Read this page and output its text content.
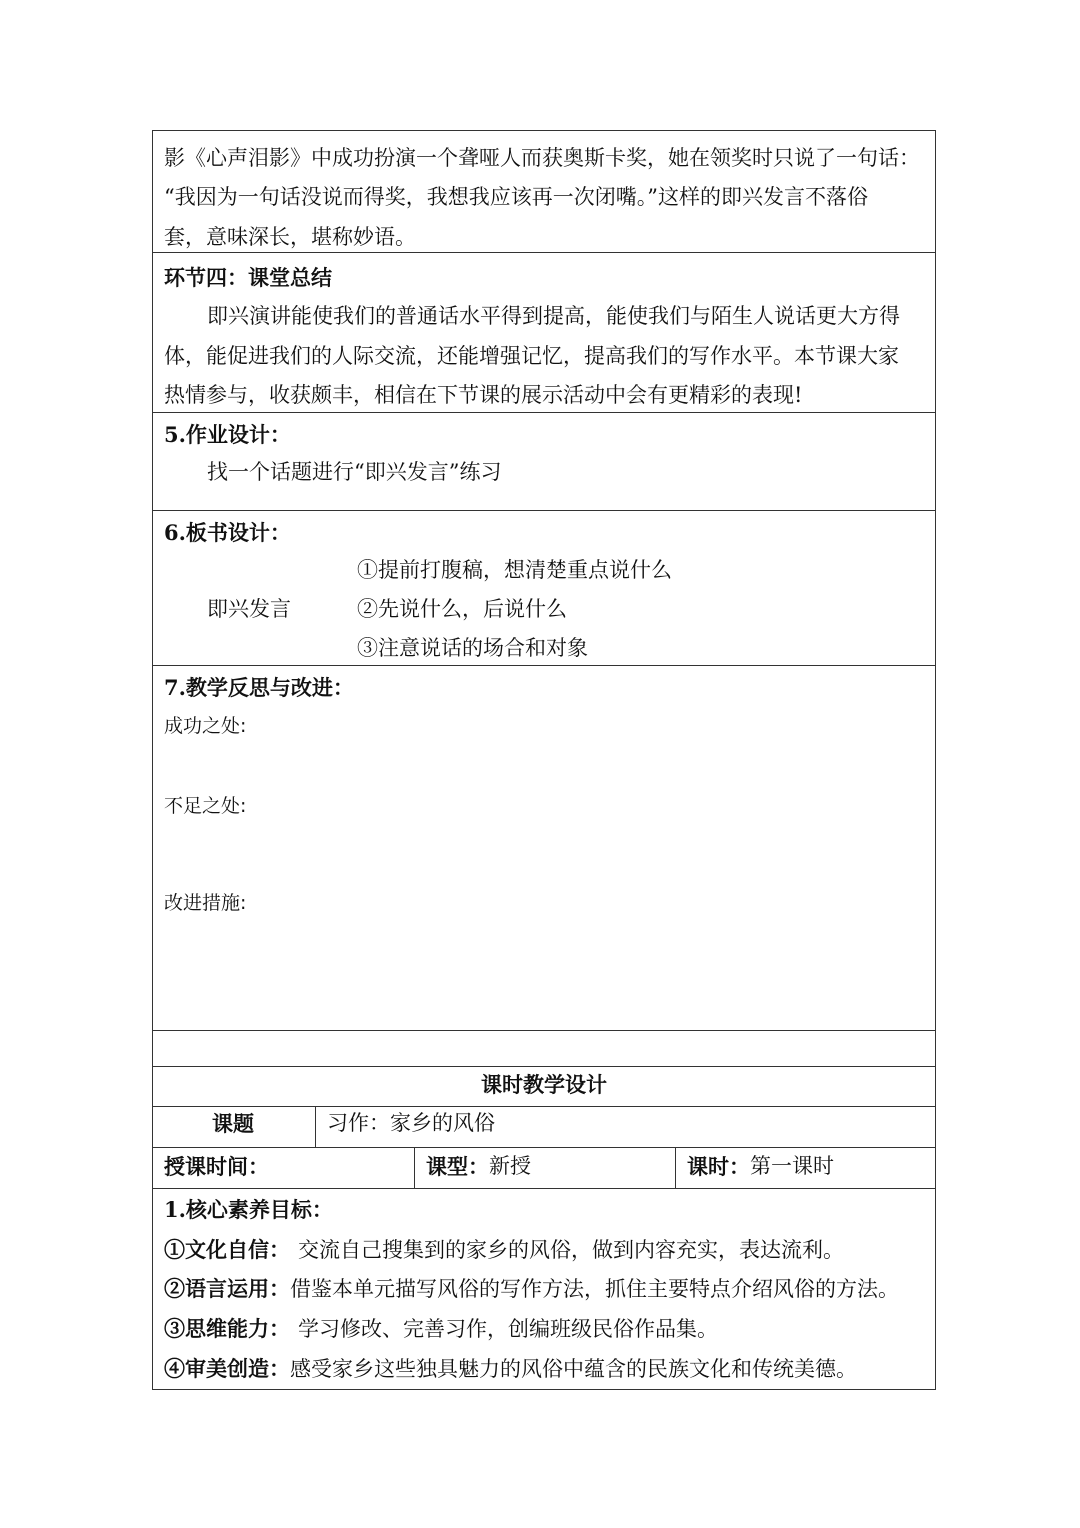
影《心声泪影》中成功扮演一个聋哑人而获奥斯卡奖，她在领奖时只说了一句话：
“我因为一句话没说而得奖，我想我应该再一次闭嘴。”这样的即兴发言不落俗
套，意味深长，堪称妙语。
环节四：课堂总结
即兴演讲能使我们的普通话水平得到提高，能使我们与陌生人说话更大方得
体，能促进我们的人际交流，还能增强记忆，提高我们的写作水平。本节课大家
热情参与，收获颇丰，相信在下节课的展示活动中会有更精彩的表现!
5.作业设计：
找一个话题进行“即兴发言”练习
6.板书设计：
即兴发言
①提前打腹稿，想清楚重点说什么
②先说什么，后说什么
③注意说话的场合和对象
7.教学反思与改进：
成功之处:
不足之处:
改进措施:
课时教学设计
课题	习作：家乡的风俗
授课时间：	课型： 新授	课时： 第一课时
1.核心素养目标：
①文化自信： 交流自己搜集到的家乡的风俗，做到内容充实，表达流利。
②语言运用：借鉴本单元描写风俗的写作方法，抓住主要特点介绍风俗的方法。
③思维能力： 学习修改、完善习作，创编班级民俗作品集。
④审美创造：感受家乡这些独具魅力的风俗中蕴含的民族文化和传统美德。
